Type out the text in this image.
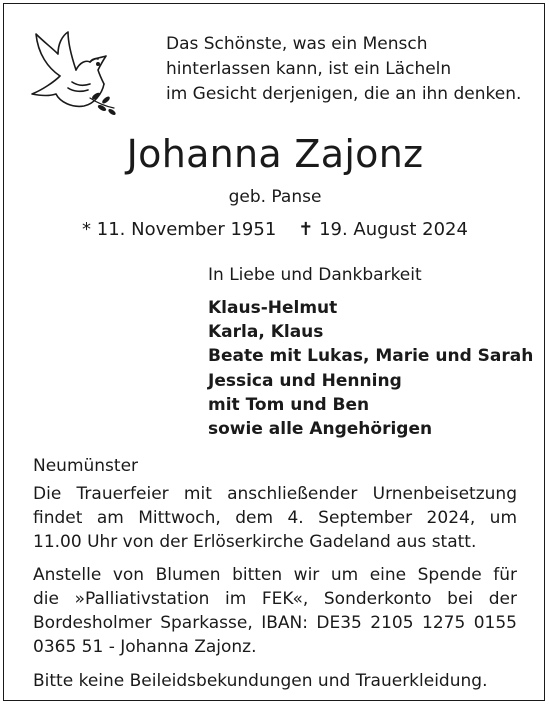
Das Schönste, was ein Mensch
hinterlassen kann, ist ein Lächeln
im Gesicht derjenigen, die an ihn denken.
Johanna Zajonz
geb. Panse
* 11. November 1951 ✝ 19. August 2024
In Liebe und Dankbarkeit
Klaus-Helmut
Karla, Klaus
Beate mit Lukas, Marie und Sarah
Jessica und Henning
mit Tom und Ben
sowie alle Angehörigen
Neumünster
Die Trauerfeier mit anschließender Urnenbeisetzung
findet am Mittwoch, dem 4. September 2024, um
11.00 Uhr von der Erlöserkirche Gadeland aus statt.
Anstelle von Blumen bitten wir um eine Spende für
die »Palliativstation im FEK«, Sonderkonto bei der
Bordesholmer Sparkasse, IBAN: DE35 2105 1275 0155
0365 51 - Johanna Zajonz.
Bitte keine Beileidsbekundungen und Trauerkleidung.
